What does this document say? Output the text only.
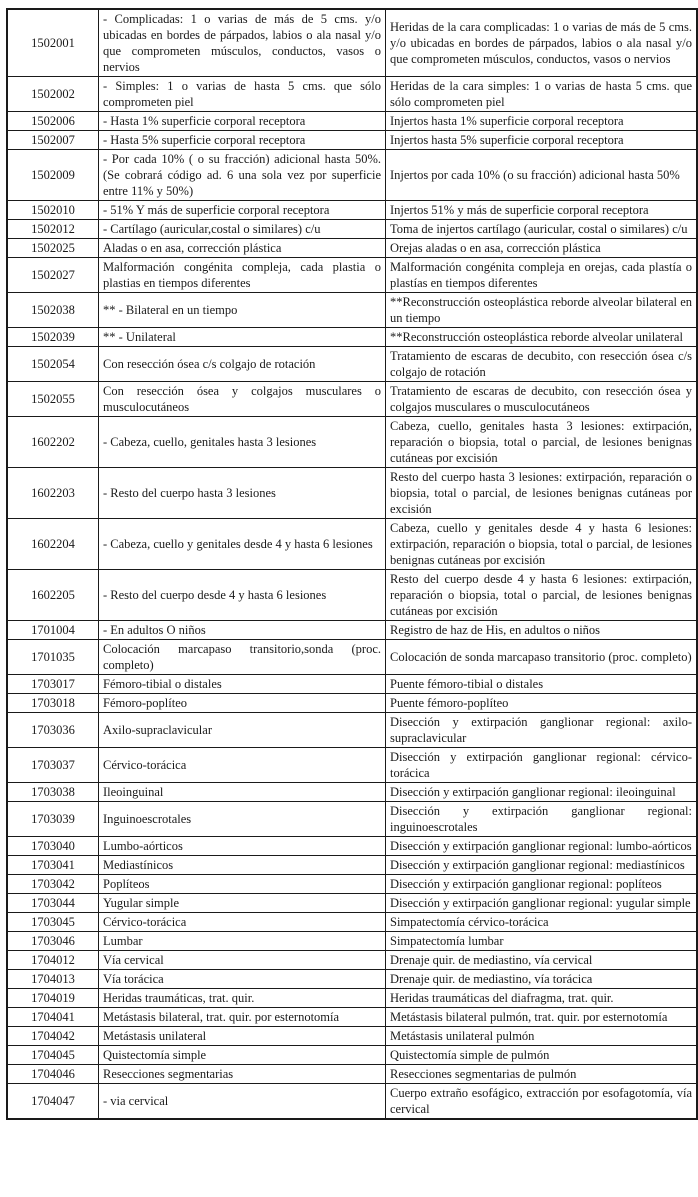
1502001	- Complicadas: 1 o varias de más de 5 cms. y/o ubicadas en bordes de párpados, labios o ala nasal y/o que comprometen músculos, conductos, vasos o nervios	Heridas de la cara complicadas: 1 o varias de más de 5 cms. y/o ubicadas en bordes de párpados, labios o ala nasal y/o que comprometen músculos, conductos, vasos o nervios
1502002	- Simples: 1 o varias de hasta 5 cms. que sólo comprometen piel	Heridas de la cara simples: 1 o varias de hasta 5 cms. que sólo comprometen piel
1502006	- Hasta 1% superficie corporal receptora	Injertos hasta 1% superficie corporal receptora
1502007	- Hasta 5% superficie corporal receptora	Injertos hasta 5% superficie corporal receptora
1502009	- Por cada 10% ( o su fracción) adicional hasta 50%. (Se cobrará código ad. 6 una sola vez por superficie entre 11% y 50%)	Injertos por cada 10% (o su fracción) adicional hasta 50%
1502010	- 51% Y más de superficie corporal receptora	Injertos 51% y más de superficie corporal receptora
1502012	- Cartílago (auricular,costal o similares) c/u	Toma de injertos cartílago (auricular, costal o similares) c/u
1502025	Aladas o en asa, corrección plástica	Orejas aladas o en asa, corrección plástica
1502027	Malformación congénita compleja, cada plastia o plastias en tiempos diferentes	Malformación congénita compleja en orejas, cada plastía o plastías en tiempos diferentes
1502038	** - Bilateral en un tiempo	**Reconstrucción osteoplástica reborde alveolar bilateral en un tiempo
1502039	** - Unilateral	**Reconstrucción osteoplástica reborde alveolar unilateral
1502054	Con resección ósea c/s colgajo de rotación	Tratamiento de escaras de decubito, con resección ósea c/s colgajo de rotación
1502055	Con resección ósea y colgajos musculares o musculocutáneos	Tratamiento de escaras de decubito, con resección ósea y colgajos musculares o musculocutáneos
1602202	- Cabeza, cuello, genitales hasta 3 lesiones	Cabeza, cuello, genitales hasta 3 lesiones: extirpación, reparación o biopsia, total o parcial, de lesiones benignas cutáneas por excisión
1602203	- Resto del cuerpo hasta 3 lesiones	Resto del cuerpo hasta 3 lesiones: extirpación, reparación o biopsia, total o parcial, de lesiones benignas cutáneas por excisión
1602204	- Cabeza, cuello y genitales desde 4 y hasta 6 lesiones	Cabeza, cuello y genitales desde 4 y hasta 6 lesiones: extirpación, reparación o biopsia, total o parcial, de lesiones benignas cutáneas por excisión
1602205	- Resto del cuerpo desde 4 y hasta 6 lesiones	Resto del cuerpo desde 4 y hasta 6 lesiones: extirpación, reparación o biopsia, total o parcial, de lesiones benignas cutáneas por excisión
1701004	- En adultos O niños	Registro de haz de His, en adultos o niños
1701035	Colocación marcapaso transitorio,sonda (proc. completo)	Colocación de sonda marcapaso transitorio (proc. completo)
1703017	Fémoro-tibial o distales	Puente fémoro-tibial o distales
1703018	Fémoro-poplíteo	Puente fémoro-poplíteo
1703036	Axilo-supraclavicular	Disección y extirpación ganglionar regional: axilo-supraclavicular
1703037	Cérvico-torácica	Disección y extirpación ganglionar regional: cérvico-torácica
1703038	Ileoinguinal	Disección y extirpación ganglionar regional: ileoinguinal
1703039	Inguinoescrotales	Disección y extirpación ganglionar regional: inguinoescrotales
1703040	Lumbo-aórticos	Disección y extirpación ganglionar regional: lumbo-aórticos
1703041	Mediastínicos	Disección y extirpación ganglionar regional: mediastínicos
1703042	Poplíteos	Disección y extirpación ganglionar regional: poplíteos
1703044	Yugular simple	Disección y extirpación ganglionar regional: yugular simple
1703045	Cérvico-torácica	Simpatectomía cérvico-torácica
1703046	Lumbar	Simpatectomía lumbar
1704012	Vía cervical	Drenaje quir. de mediastino, vía cervical
1704013	Vía torácica	Drenaje quir. de mediastino, vía torácica
1704019	Heridas traumáticas, trat. quir.	Heridas traumáticas del diafragma, trat. quir.
1704041	Metástasis bilateral, trat. quir. por esternotomía	Metástasis bilateral pulmón, trat. quir. por esternotomía
1704042	Metástasis unilateral	Metástasis unilateral pulmón
1704045	Quistectomía simple	Quistectomía simple de pulmón
1704046	Resecciones segmentarias	Resecciones segmentarias de pulmón
1704047	- via cervical	Cuerpo extraño esofágico, extracción por esofagotomía, vía cervical
